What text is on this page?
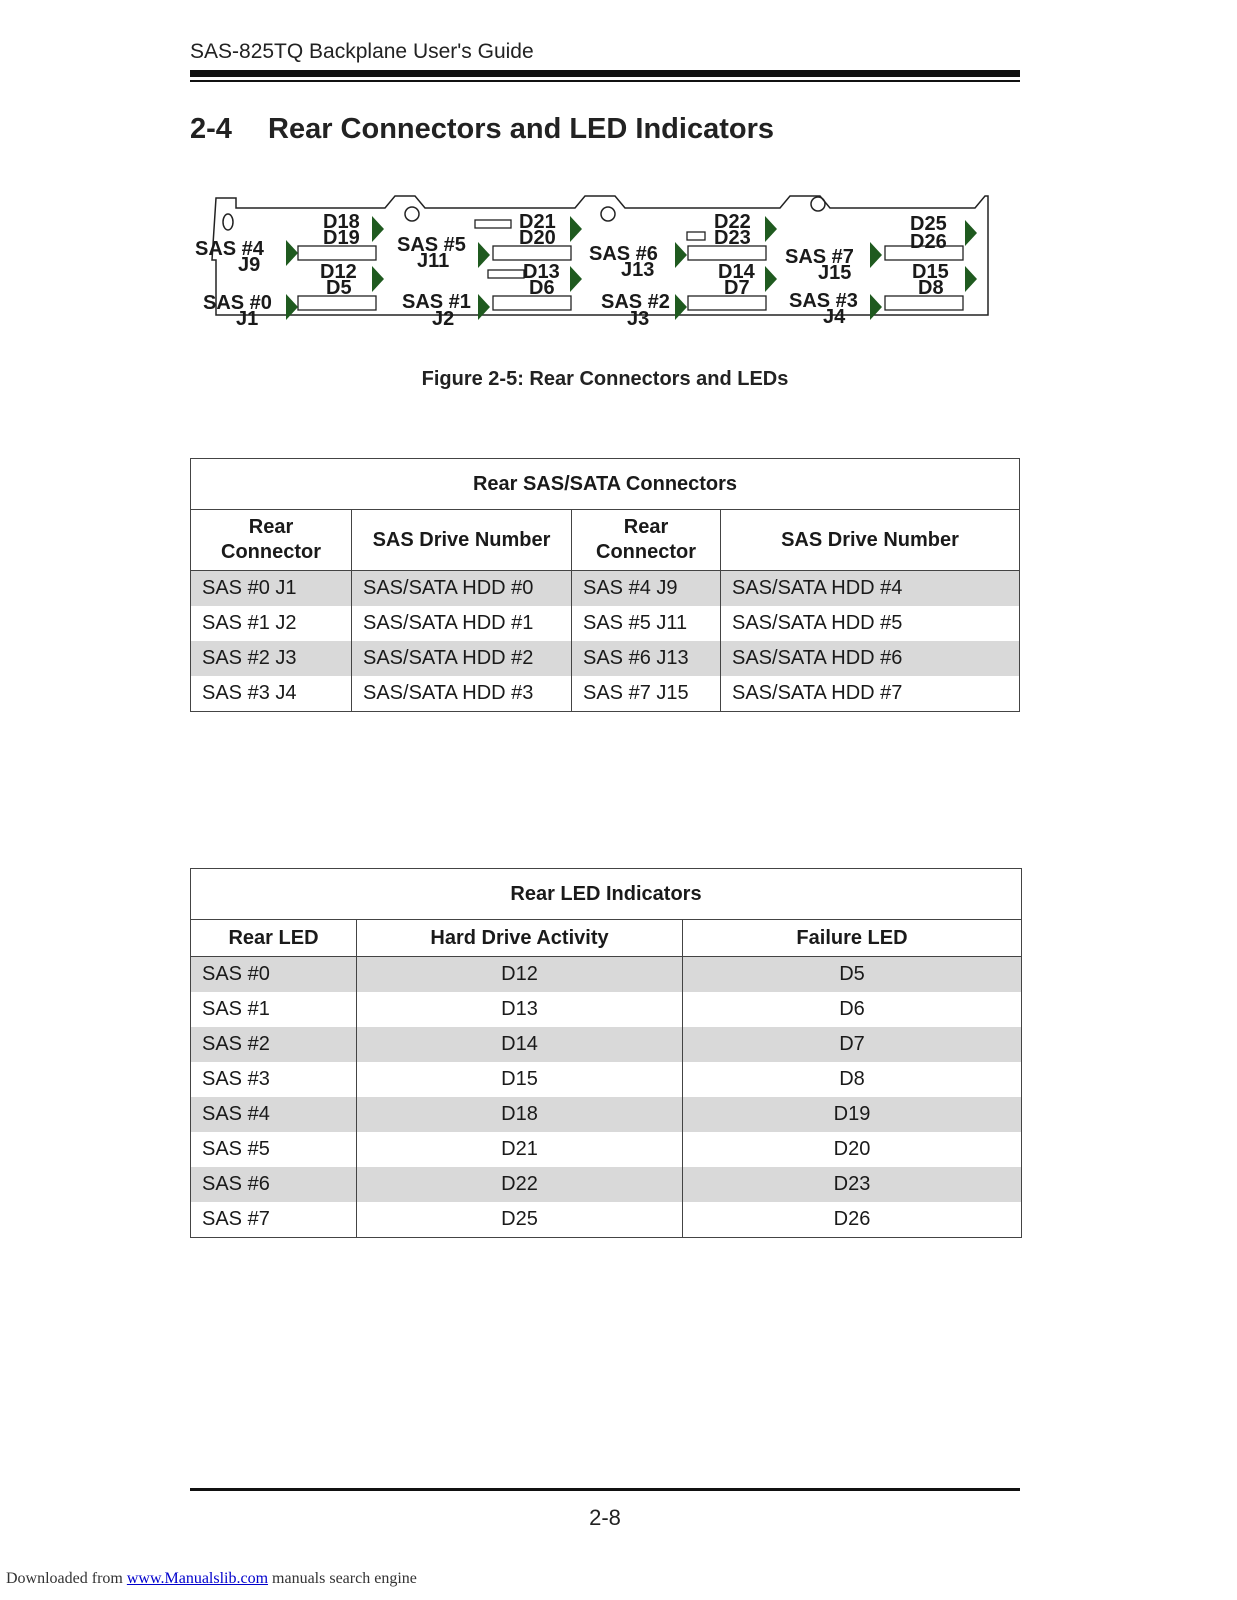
SAS-825TQ Backplane User's Guide
2-4 Rear Connectors and LED Indicators
SAS #4
J9
D18
D19
SAS #0
J1
D12
D5
SAS #5
J11
D21
D20
SAS #1
J2
D13
D6
SAS #6
J13
D22
D23
SAS #2
J3
D14
D7
SAS #7
J15
D25
D26
SAS #3
J4
D15
D8
Figure 2-5: Rear Connectors and LEDs
Rear SAS/SATA Connectors			
Rear Connector	SAS Drive Number	Rear Connector	SAS Drive Number
SAS #0 J1	SAS/SATA HDD #0	SAS #4 J9	SAS/SATA HDD #4
SAS #1 J2	SAS/SATA HDD #1	SAS #5 J11	SAS/SATA HDD #5
SAS #2 J3	SAS/SATA HDD #2	SAS #6 J13	SAS/SATA HDD #6
SAS #3 J4	SAS/SATA HDD #3	SAS #7 J15	SAS/SATA HDD #7
Rear LED Indicators		
Rear LED	Hard Drive Activity	Failure LED
SAS #0	D12	D5
SAS #1	D13	D6
SAS #2	D14	D7
SAS #3	D15	D8
SAS #4	D18	D19
SAS #5	D21	D20
SAS #6	D22	D23
SAS #7	D25	D26
2-8
Downloaded from www.Manualslib.com manuals search engine
